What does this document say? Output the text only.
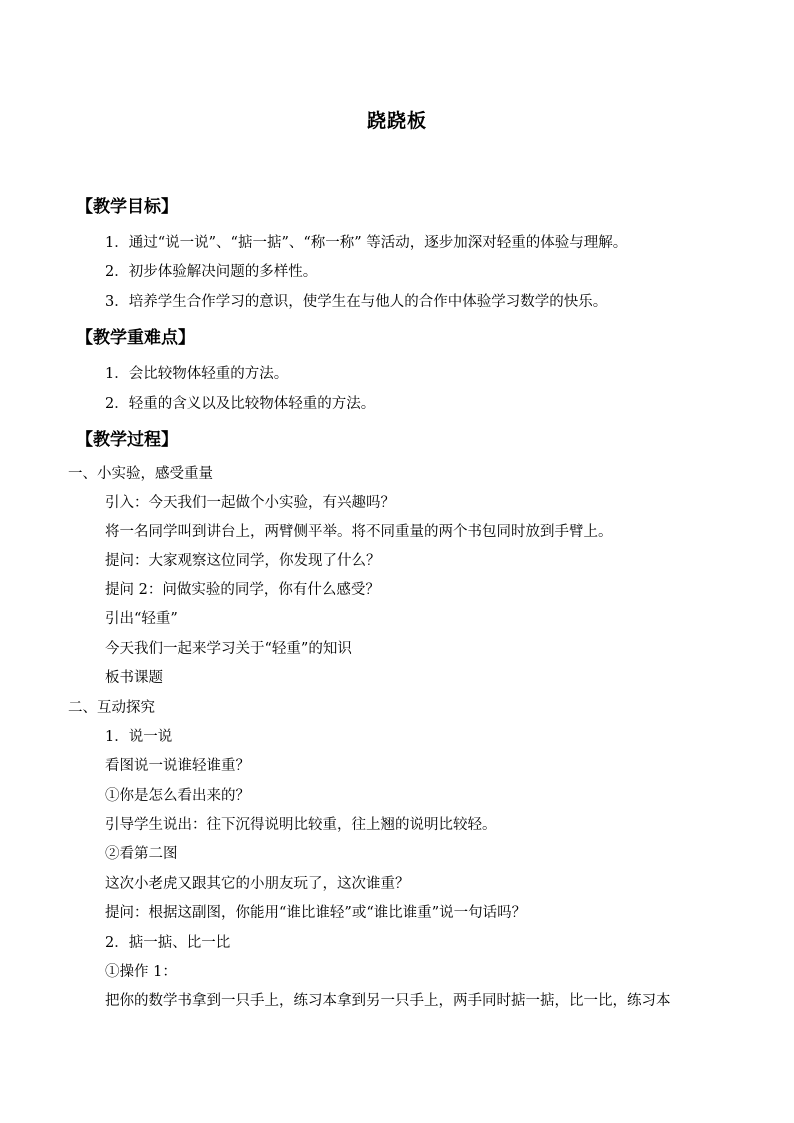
跷跷板
【教学目标】
1．通过“说一说”、“掂一掂”、“称一称” 等活动，逐步加深对轻重的体验与理解。
2．初步体验解决问题的多样性。
3．培养学生合作学习的意识，使学生在与他人的合作中体验学习数学的快乐。
【教学重难点】
1．会比较物体轻重的方法。
2．轻重的含义以及比较物体轻重的方法。
【教学过程】
一、小实验，感受重量
引入：今天我们一起做个小实验，有兴趣吗？
将一名同学叫到讲台上，两臂侧平举。将不同重量的两个书包同时放到手臂上。
提问：大家观察这位同学，你发现了什么？
提问 2：问做实验的同学，你有什么感受？
引出“轻重”
今天我们一起来学习关于“轻重”的知识
板书课题
二、互动探究
1．说一说
看图说一说谁轻谁重？
①你是怎么看出来的？
引导学生说出：往下沉得说明比较重，往上翘的说明比较轻。
②看第二图
这次小老虎又跟其它的小朋友玩了，这次谁重？
提问：根据这副图，你能用“谁比谁轻”或“谁比谁重”说一句话吗？
2．掂一掂、比一比
①操作 1：
把你的数学书拿到一只手上，练习本拿到另一只手上，两手同时掂一掂，比一比，练习本
